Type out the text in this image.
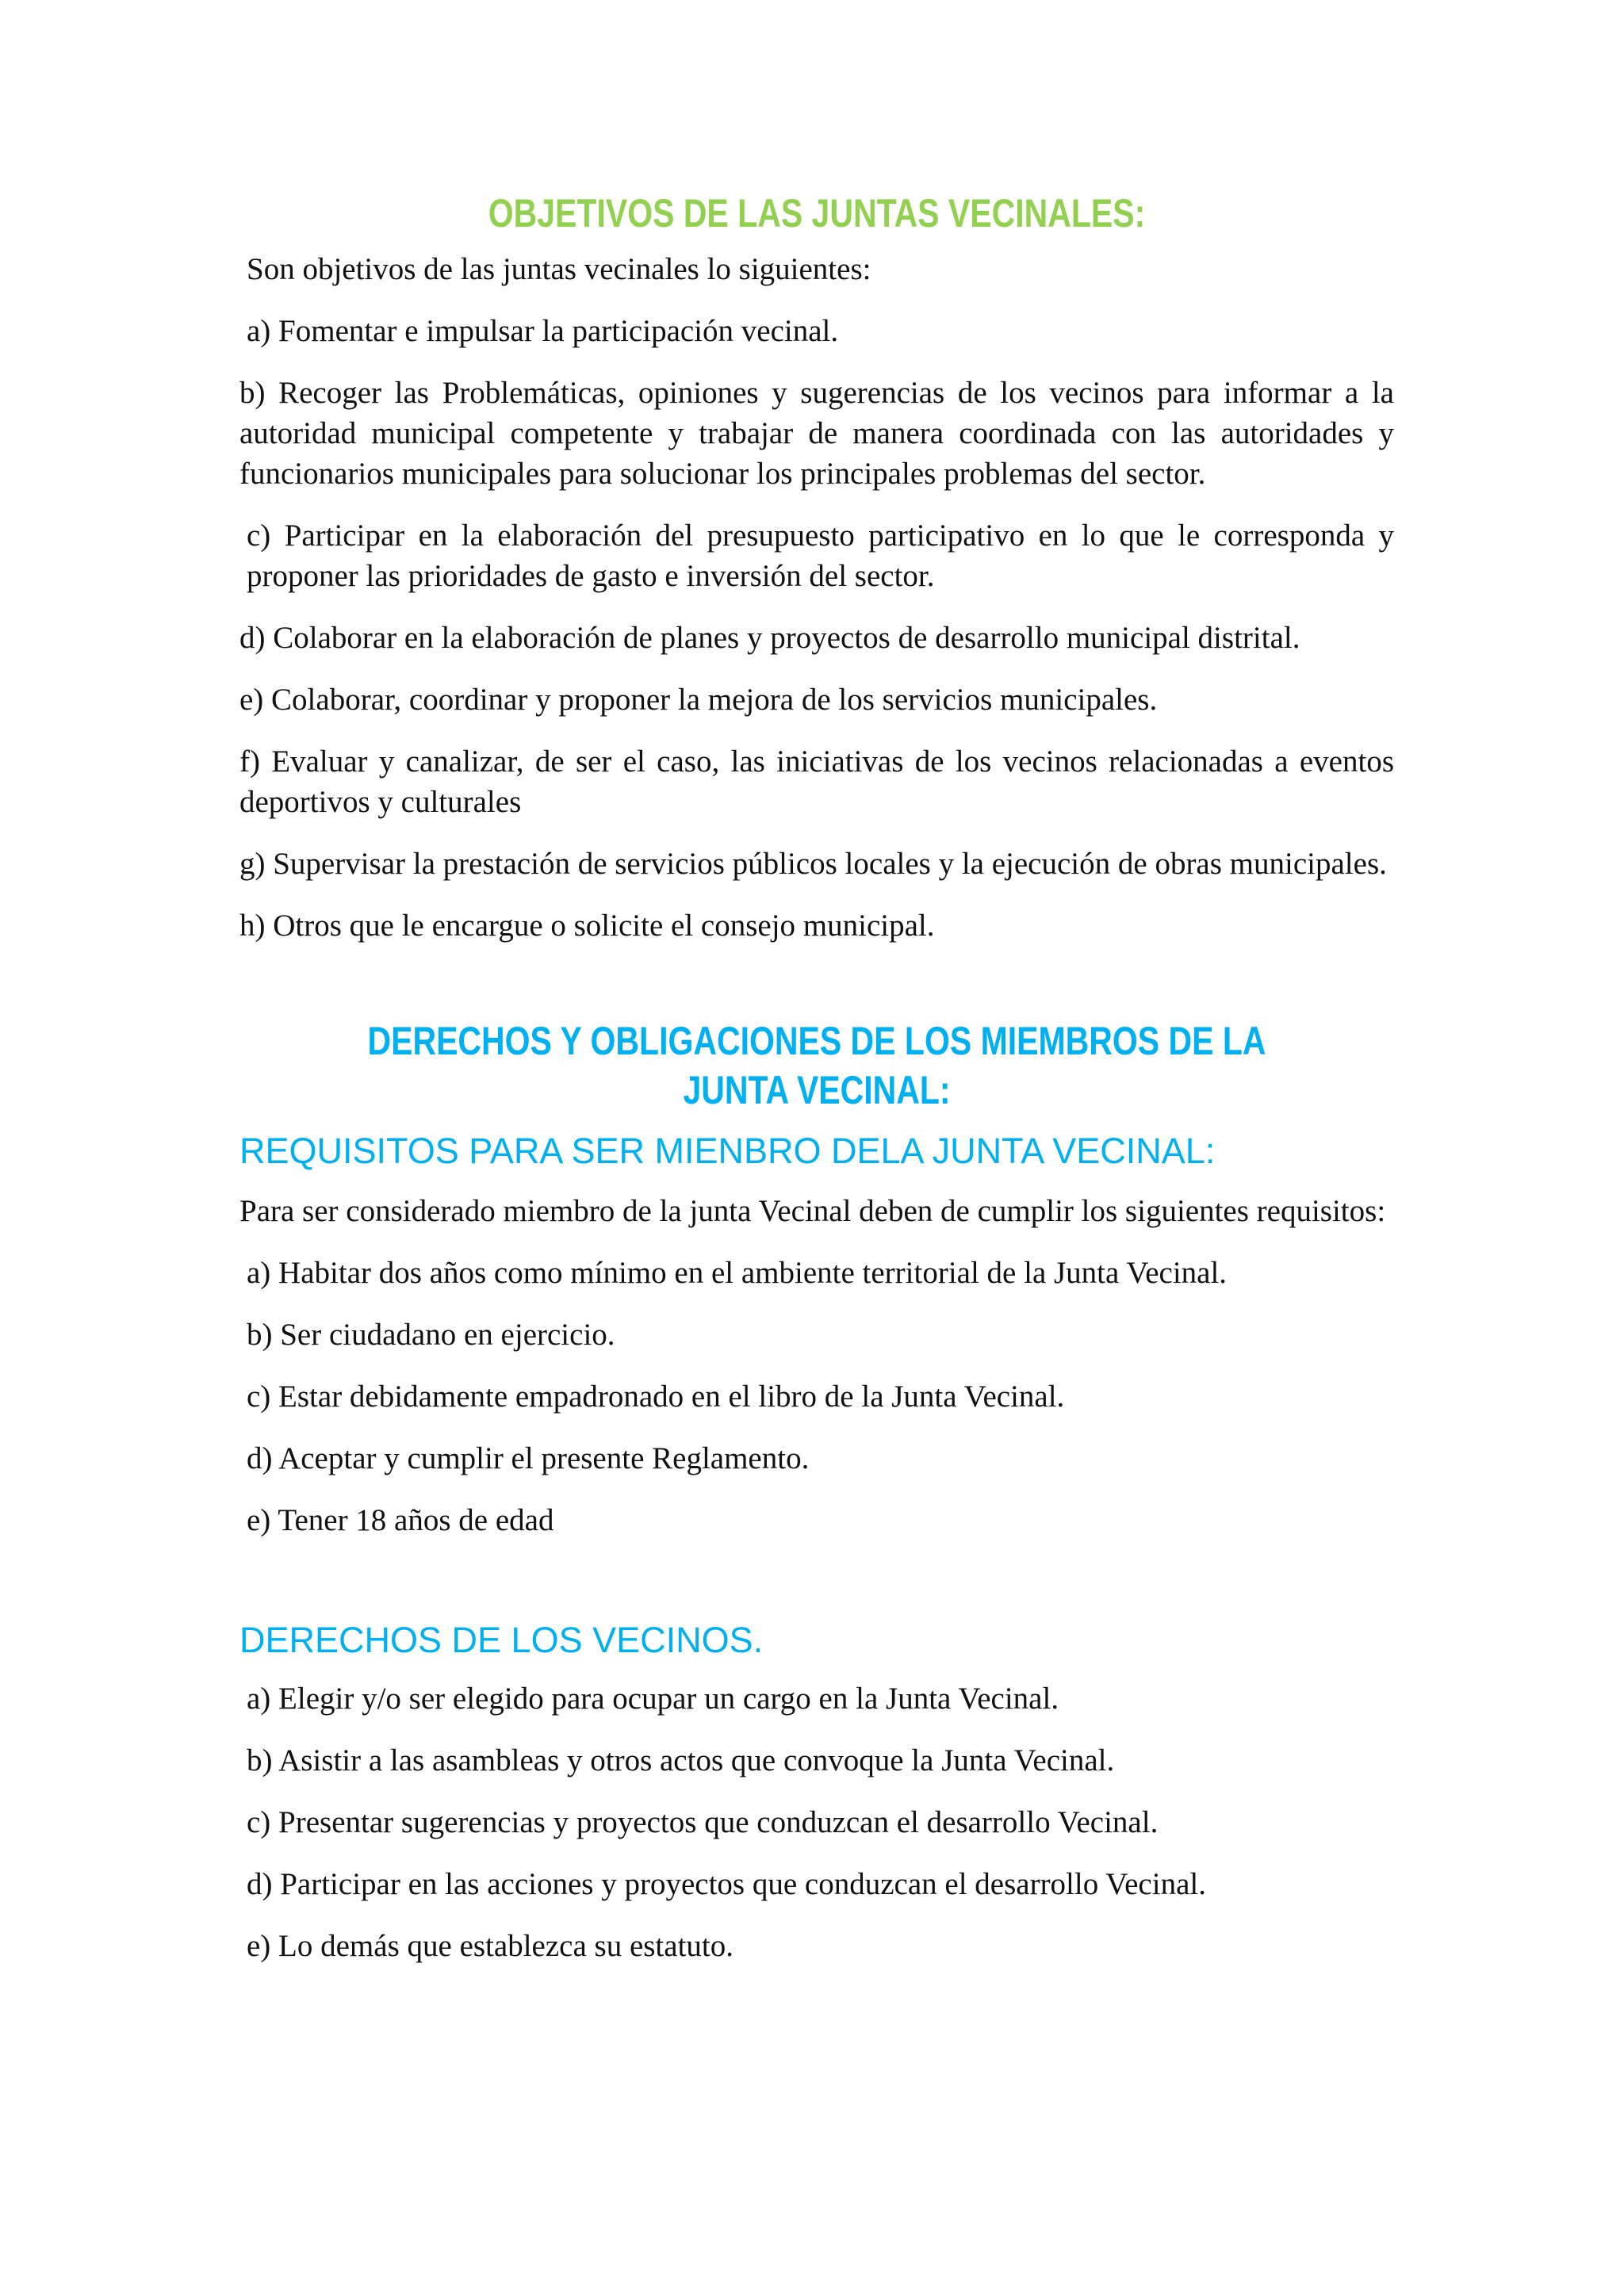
OBJETIVOS DE LAS JUNTAS VECINALES:

Son objetivos de las juntas vecinales lo siguientes:

a) Fomentar e impulsar la participación vecinal.

b) Recoger las Problemáticas, opiniones y sugerencias de los vecinos para informar a la autoridad municipal competente y trabajar de manera coordinada con las autoridades y funcionarios municipales para solucionar los principales problemas del sector.

c) Participar en la elaboración del presupuesto participativo en lo que le corresponda y proponer las prioridades de gasto e inversión del sector.

d) Colaborar en la elaboración de planes y proyectos de desarrollo municipal distrital.

e) Colaborar, coordinar y proponer la mejora de los servicios municipales.

f) Evaluar y canalizar, de ser el caso, las iniciativas de los vecinos relacionadas a eventos deportivos y culturales

g) Supervisar la prestación de servicios públicos locales y la ejecución de obras municipales.

h) Otros que le encargue o solicite el consejo municipal.

DERECHOS Y OBLIGACIONES DE LOS MIEMBROS DE LA JUNTA VECINAL:
REQUISITOS PARA SER MIENBRO DELA JUNTA VECINAL:

Para ser considerado miembro de la junta Vecinal deben de cumplir los siguientes requisitos:

a) Habitar dos años como mínimo en el ambiente territorial de la Junta Vecinal.

b) Ser ciudadano en ejercicio.

c) Estar debidamente empadronado en el libro de la Junta Vecinal.

d) Aceptar y cumplir el presente Reglamento.

e) Tener 18 años de edad

DERECHOS DE LOS VECINOS.

a) Elegir y/o ser elegido para ocupar un cargo en la Junta Vecinal.

b) Asistir a las asambleas y otros actos que convoque la Junta Vecinal.

c) Presentar sugerencias y proyectos que conduzcan el desarrollo Vecinal.

d) Participar en las acciones y proyectos que conduzcan el desarrollo Vecinal.

e) Lo demás que establezca su estatuto.
